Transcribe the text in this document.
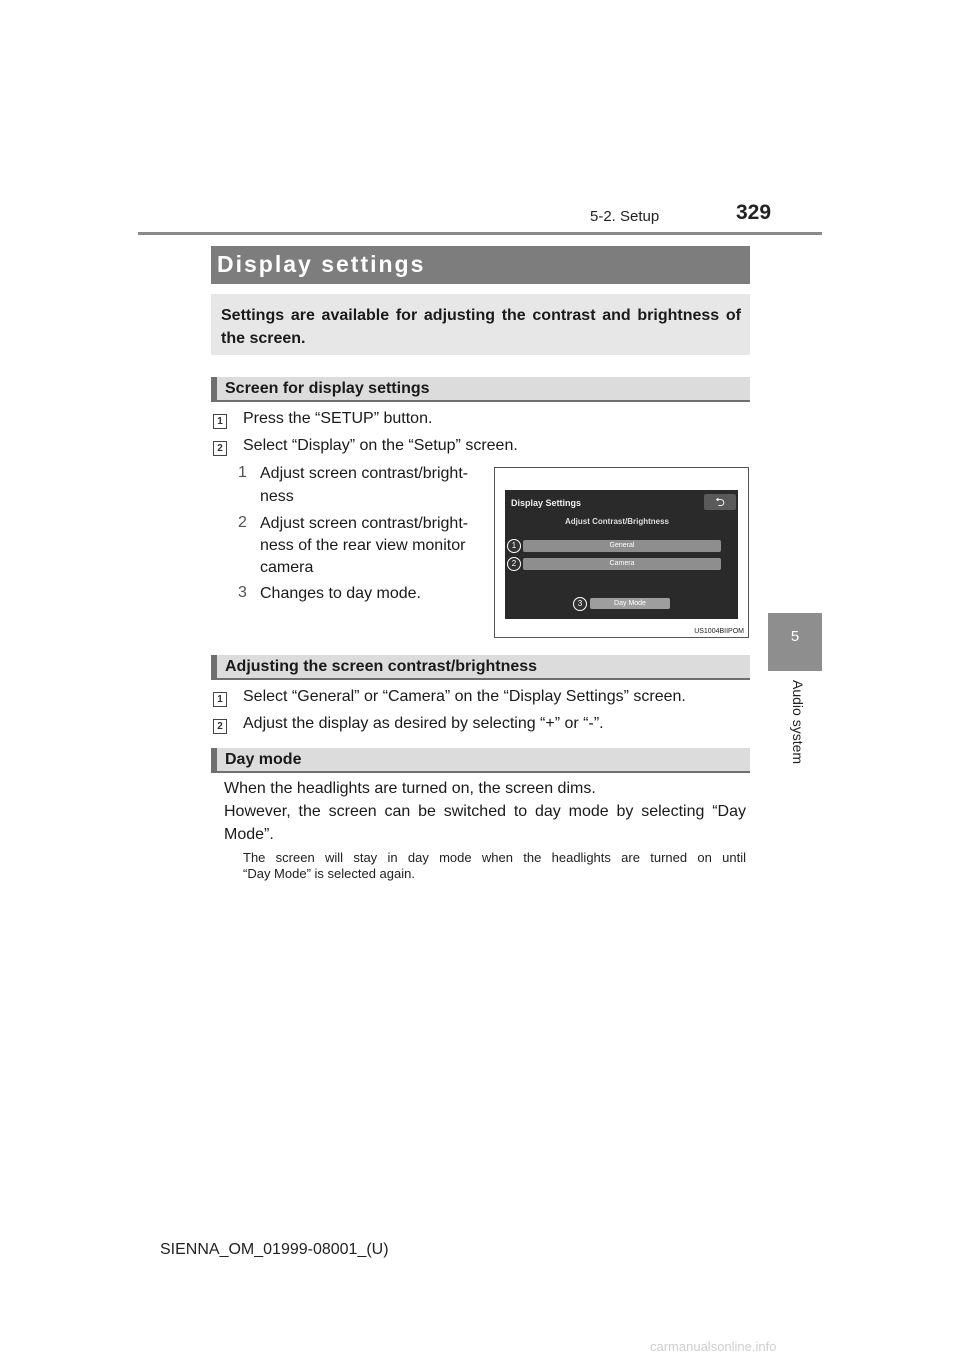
5-2. Setup	329
5
Audio system
Display settings
Settings are available for adjusting the contrast and brightness of the screen.
Screen for display settings
1 Press the “SETUP” button.
2 Select “Display” on the “Setup” screen.
1 Adjust screen contrast/bright-
ness
2 Adjust screen contrast/bright-
ness of the rear view monitor
camera
3 Changes to day mode.
Display Settings	⮌
Adjust Contrast/Brightness
General
Camera
Day Mode
1
2
3
US1004BIIPOM
Adjusting the screen contrast/brightness
1 Select “General” or “Camera” on the “Display Settings” screen.
2 Adjust the display as desired by selecting “+” or “-”.
Day mode
When the headlights are turned on, the screen dims.
However, the screen can be switched to day mode by selecting “Day
Mode”.
The screen will stay in day mode when the headlights are turned on until
“Day Mode” is selected again.
SIENNA_OM_01999-08001_(U)
carmanualsonline.info
